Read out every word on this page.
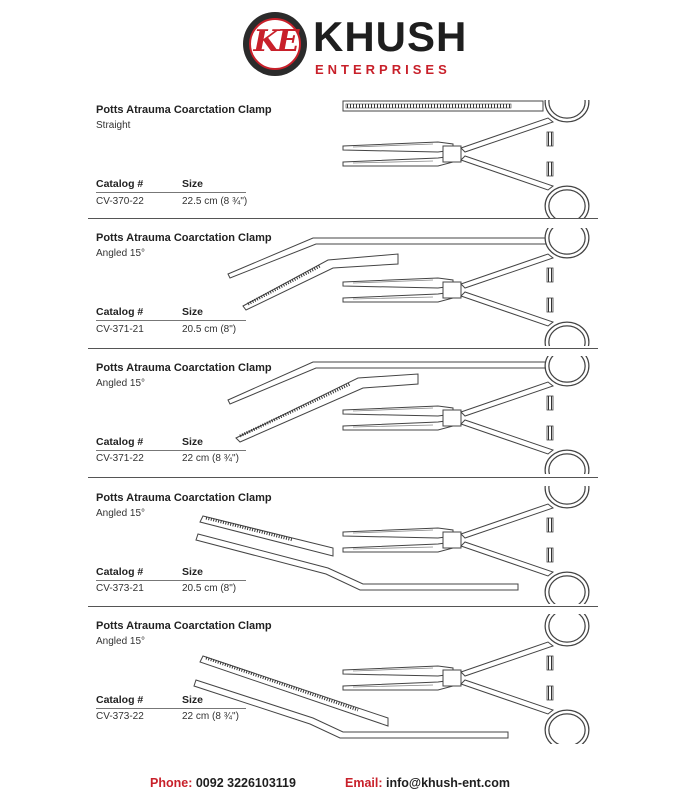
KE KHUSH
ENTERPRISES
Potts Atrauma Coarctation Clamp
Straight
Catalog #	Size
CV-370-22	22.5 cm (8 ¾")
Potts Atrauma Coarctation Clamp
Angled 15°
Catalog #	Size
CV-371-21	20.5 cm (8")
Potts Atrauma Coarctation Clamp
Angled 15°
Catalog #	Size
CV-371-22	22 cm (8 ¾")
Potts Atrauma Coarctation Clamp
Angled 15°
Catalog #	Size
CV-373-21	20.5 cm (8")
Potts Atrauma Coarctation Clamp
Angled 15°
Catalog #	Size
CV-373-22	22 cm (8 ¾")
Phone: 0092 3226103119	Email: info@khush-ent.com
